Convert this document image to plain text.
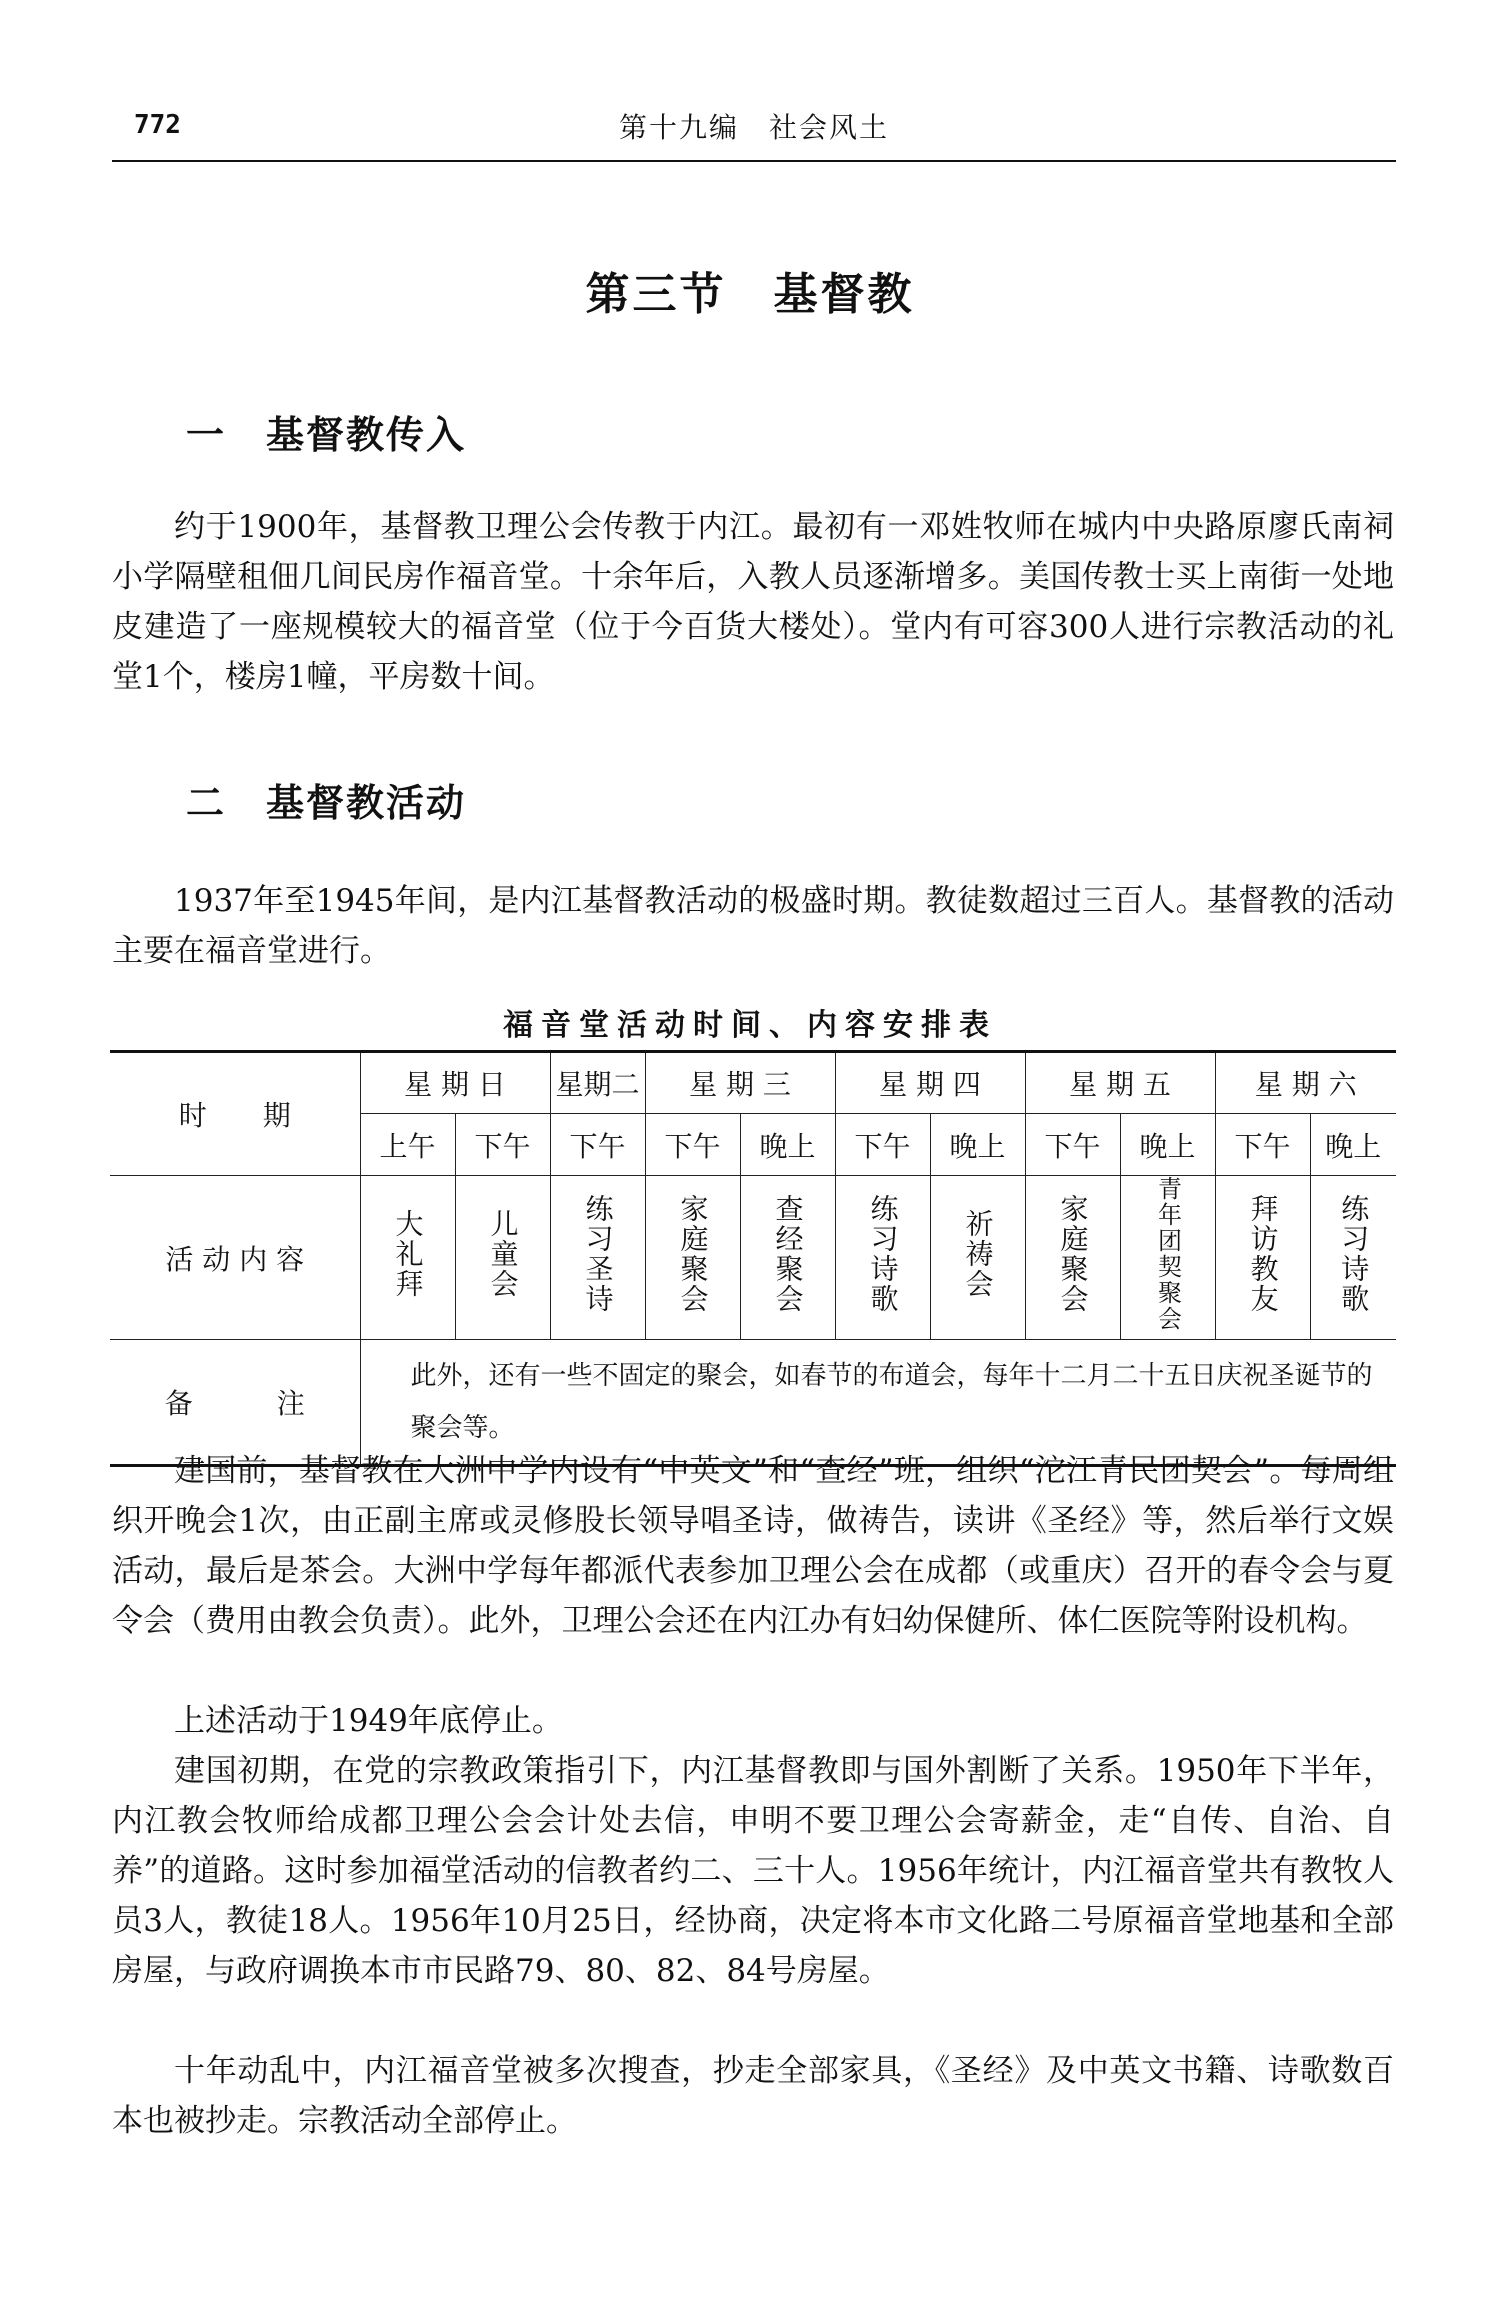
772	第十九编　社会风土
第三节　基督教
一　基督教传入

约于1900年，基督教卫理公会传教于内江。最初有一邓姓牧师在城内中央路原廖氏南祠小学隔壁租佃几间民房作福音堂。十余年后，入教人员逐渐增多。美国传教士买上南街一处地皮建造了一座规模较大的福音堂（位于今百货大楼处）。堂内有可容300人进行宗教活动的礼堂1个，楼房1幢，平房数十间。

二　基督教活动

1937年至1945年间，是内江基督教活动的极盛时期。教徒数超过三百人。基督教的活动主要在福音堂进行。

福音堂活动时间、内容安排表
时　　期	星 期 日		星期二	星 期 三		星 期 四		星 期 五		星 期 六	
	上午	下午	下午	下午	晚上	下午	晚上	下午	晚上	下午	晚上
活 动 内 容	大礼拜	儿童会	练习圣诗	家庭聚会	查经聚会	练习诗歌	祈祷会	家庭聚会	青年团契聚会	拜访教友	练习诗歌
备　　　注	此外，还有一些不固定的聚会，如春节的布道会，每年十二月二十五日庆祝圣诞节的聚会等。										

建国前，基督教在大洲中学内设有“中英文”和“查经”班，组织“沱江青民团契会”。每周组织开晚会1次，由正副主席或灵修股长领导唱圣诗，做祷告，读讲《圣经》等，然后举行文娱活动，最后是茶会。大洲中学每年都派代表参加卫理公会在成都（或重庆）召开的春令会与夏令会（费用由教会负责）。此外，卫理公会还在内江办有妇幼保健所、体仁医院等附设机构。

上述活动于1949年底停止。

建国初期，在党的宗教政策指引下，内江基督教即与国外割断了关系。1950年下半年，内江教会牧师给成都卫理公会会计处去信，申明不要卫理公会寄薪金，走“自传、自治、自养”的道路。这时参加福堂活动的信教者约二、三十人。1956年统计，内江福音堂共有教牧人员3人，教徒18人。1956年10月25日，经协商，决定将本市文化路二号原福音堂地基和全部房屋，与政府调换本市市民路79、80、82、84号房屋。

十年动乱中，内江福音堂被多次搜查，抄走全部家具，《圣经》及中英文书籍、诗歌数百本也被抄走。宗教活动全部停止。
